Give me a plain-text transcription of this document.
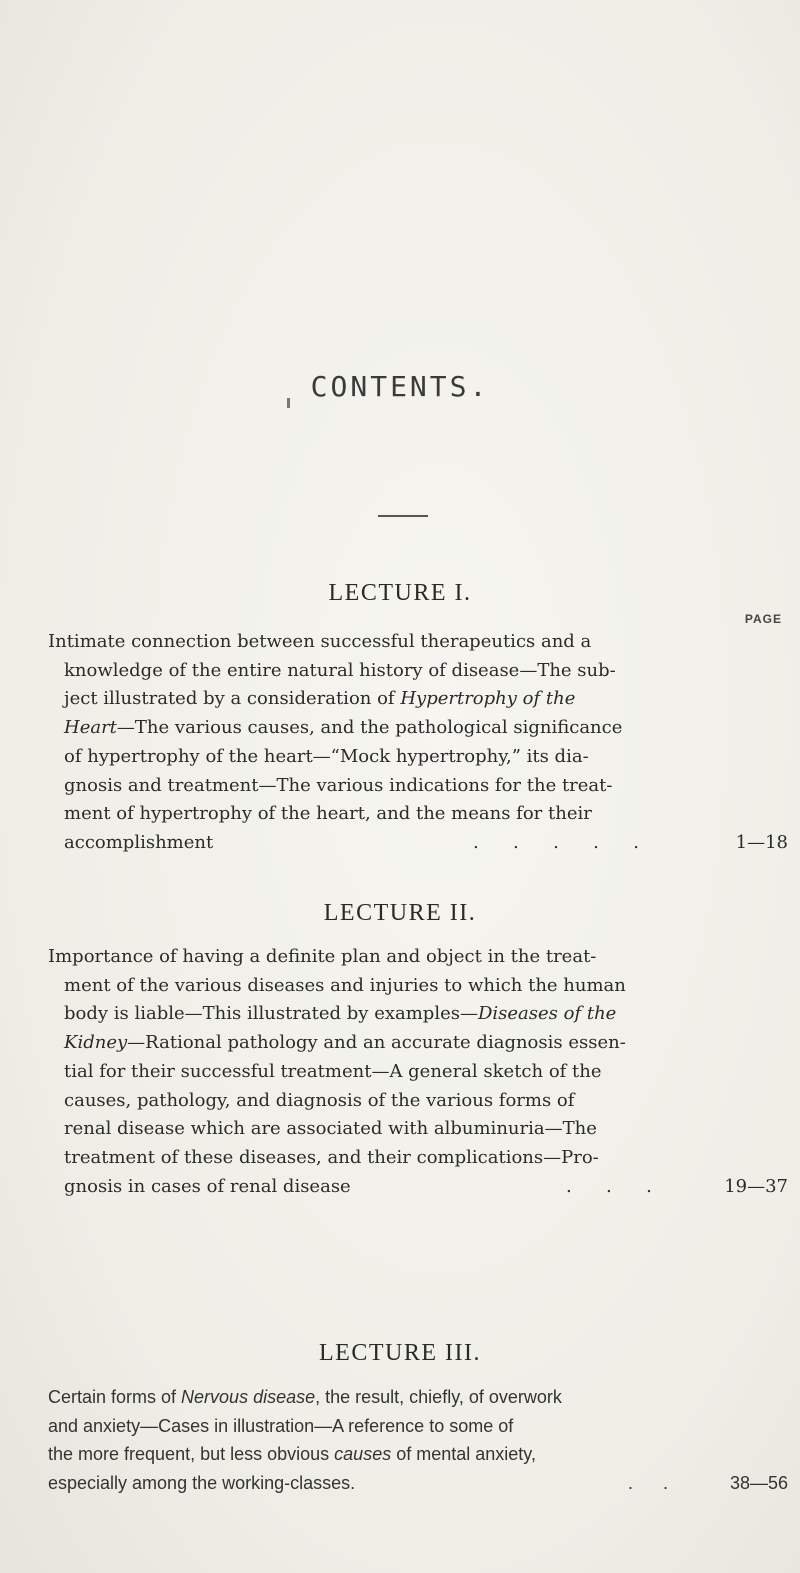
CONTENTS.
LECTURE I.
PAGE
Intimate connection between successful therapeutics and a
knowledge of the entire natural history of disease—The sub-
ject illustrated by a consideration of Hypertrophy of the
Heart—The various causes, and the pathological significance
of hypertrophy of the heart—“Mock hypertrophy,” its dia-
gnosis and treatment—The various indications for the treat-
ment of hypertrophy of the heart, and the means for their
accomplishment	.      .      .      .      .	1—18
LECTURE II.
Importance of having a definite plan and object in the treat-
ment of the various diseases and injuries to which the human
body is liable—This illustrated by examples—Diseases of the
Kidney—Rational pathology and an accurate diagnosis essen-
tial for their successful treatment—A general sketch of the
causes, pathology, and diagnosis of the various forms of
renal disease which are associated with albuminuria—The
treatment of these diseases, and their complications—Pro-
gnosis in cases of renal disease	.      .      .	19—37
LECTURE III.
Certain forms of Nervous disease, the result, chiefly, of overwork
and anxiety—Cases in illustration—A reference to some of
the more frequent, but less obvious causes of mental anxiety,
especially among the working-classes.	.      .	38—56
